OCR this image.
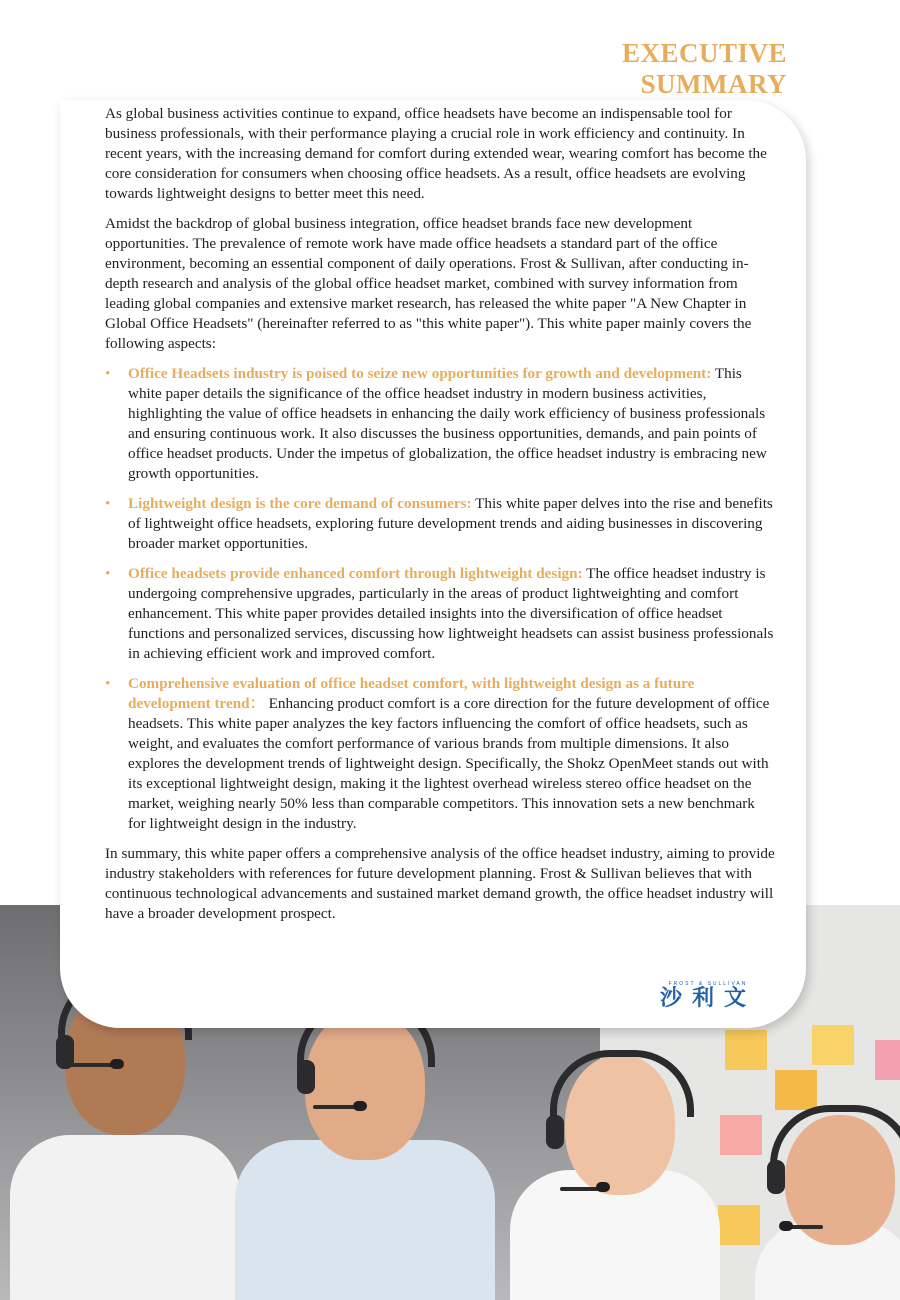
EXECUTIVE
SUMMARY

As global business activities continue to expand, office headsets have become an indispensable tool for business professionals, with their performance playing a crucial role in work efficiency and continuity. In recent years, with the increasing demand for comfort during extended wear, wearing comfort has become the core consideration for consumers when choosing office headsets. As a result, office headsets are evolving towards lightweight designs to better meet this need.

Amidst the backdrop of global business integration, office headset brands face new development opportunities. The prevalence of remote work have made office headsets a standard part of the office environment, becoming an essential component of daily operations. Frost & Sullivan, after conducting in-depth research and analysis of the global office headset market, combined with survey information from leading global companies and extensive market research, has released the white paper "A New Chapter in Global Office Headsets" (hereinafter referred to as "this white paper"). This white paper mainly covers the following aspects:

• Office Headsets industry is poised to seize new opportunities for growth and development: This white paper details the significance of the office headset industry in modern business activities, highlighting the value of office headsets in enhancing the daily work efficiency of business professionals and ensuring continuous work. It also discusses the business opportunities, demands, and pain points of office headset products. Under the impetus of globalization, the office headset industry is embracing new growth opportunities.
• Lightweight design is the core demand of consumers: This white paper delves into the rise and benefits of lightweight office headsets, exploring future development trends and aiding businesses in discovering broader market opportunities.
• Office headsets provide enhanced comfort through lightweight design: The office headset industry is undergoing comprehensive upgrades, particularly in the areas of product lightweighting and comfort enhancement. This white paper provides detailed insights into the diversification of office headset functions and personalized services, discussing how lightweight headsets can assist business professionals in achieving efficient work and improved comfort.
• Comprehensive evaluation of office headset comfort, with lightweight design as a future development trend： Enhancing product comfort is a core direction for the future development of office headsets. This white paper analyzes the key factors influencing the comfort of office headsets, such as weight, and evaluates the comfort performance of various brands from multiple dimensions. It also explores the development trends of lightweight design. Specifically, the Shokz OpenMeet stands out with its exceptional lightweight design, making it the lightest overhead wireless stereo office headset on the market, weighing nearly 50% less than comparable competitors. This innovation sets a new benchmark for lightweight design in the industry.

In summary, this white paper offers a comprehensive analysis of the office headset industry, aiming to provide industry stakeholders with references for future development planning. Frost & Sullivan believes that with continuous technological advancements and sustained market demand growth, the office headset industry will have a broader development prospect.

FROST & SULLIVAN
沙利文
